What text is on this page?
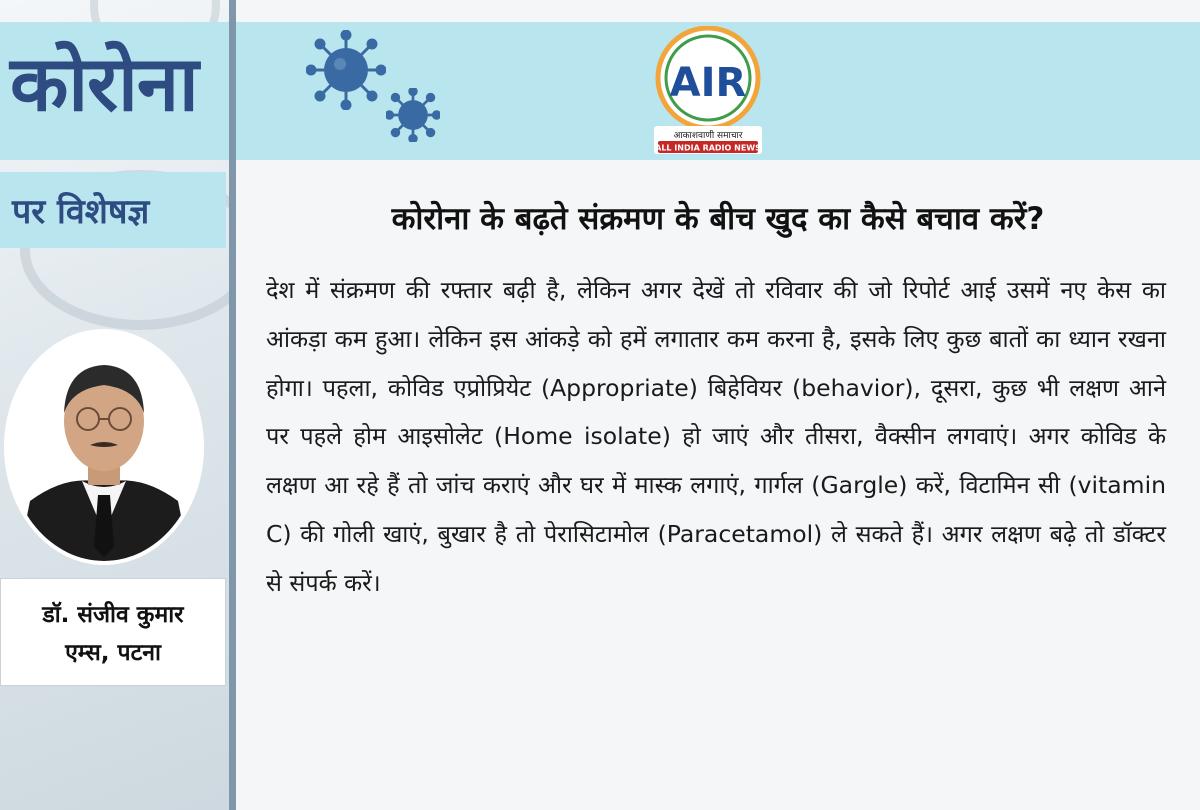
कोरोना	AIR
आकाशवाणी समाचार
ALL INDIA RADIO NEWS
पर विशेषज्ञ
डॉ. संजीव कुमार
एम्स, पटना
कोरोना के बढ़ते संक्रमण के बीच खुद का कैसे बचाव करें?
देश में संक्रमण की रफ्तार बढ़ी है, लेकिन अगर देखें तो रविवार की जो रिपोर्ट आई उसमें नए केस का आंकड़ा कम हुआ। लेकिन इस आंकड़े को हमें लगातार कम करना है, इसके लिए कुछ बातों का ध्यान रखना होगा। पहला, कोविड एप्रोप्रियेट (Appropriate) बिहेवियर (behavior), दूसरा, कुछ भी लक्षण आने पर पहले होम आइसोलेट (Home isolate) हो जाएं और तीसरा, वैक्सीन लगवाएं। अगर कोविड के लक्षण आ रहे हैं तो जांच कराएं और घर में मास्क लगाएं, गार्गल (Gargle) करें, विटामिन सी (vitamin C) की गोली खाएं, बुखार है तो पेरासिटामोल (Paracetamol) ले सकते हैं। अगर लक्षण बढ़े तो डॉक्टर से संपर्क करें।
